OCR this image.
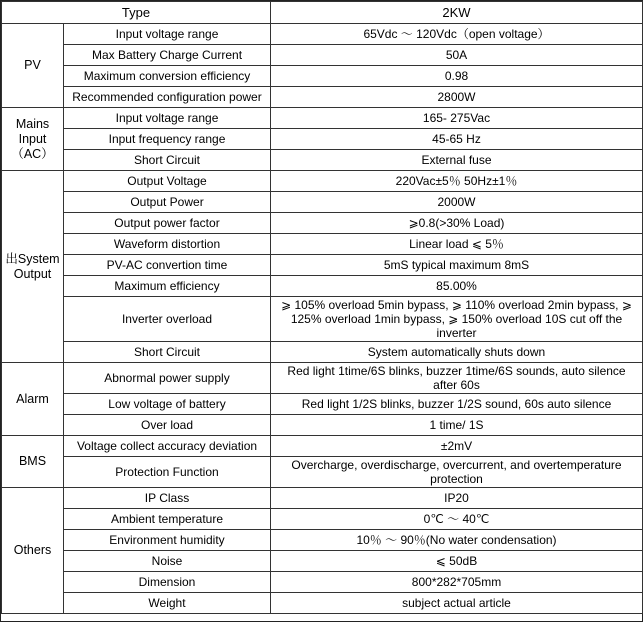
Type		2KW
PV	Input voltage range	65Vdc ～ 120Vdc（open voltage）
	Max Battery Charge Current	50A
	Maximum conversion efficiency	0.98
	Recommended configuration power	2800W
Mains
Input
（AC）	Input voltage range	165- 275Vac
	Input frequency range	45-65 Hz
	Short Circuit	External fuse
出System
Output	Output Voltage	220Vac±5％ 50Hz±1％
	Output Power	2000W
	Output power factor	⩾0.8(>30% Load)
	Waveform distortion	Linear load ⩽ 5％
	PV-AC convertion time	5mS typical maximum 8mS
	Maximum efficiency	85.00%
	Inverter overload	⩾ 105% overload 5min bypass, ⩾ 110% overload 2min bypass, ⩾ 125% overload 1min bypass, ⩾ 150% overload 10S cut off the inverter
	Short Circuit	System automatically shuts down
Alarm	Abnormal power supply	Red light 1time/6S blinks, buzzer 1time/6S sounds, auto silence after 60s
	Low voltage of battery	Red light 1/2S blinks, buzzer 1/2S sound, 60s auto silence
	Over load	1 time/ 1S
BMS	Voltage collect accuracy deviation	±2mV
	Protection Function	Overcharge, overdischarge, overcurrent, and overtemperature protection
Others	IP Class	IP20
	Ambient temperature	0℃ ～ 40℃
	Environment humidity	10％ ～ 90％(No water condensation)
	Noise	⩽ 50dB
	Dimension	800*282*705mm
	Weight	subject actual article
